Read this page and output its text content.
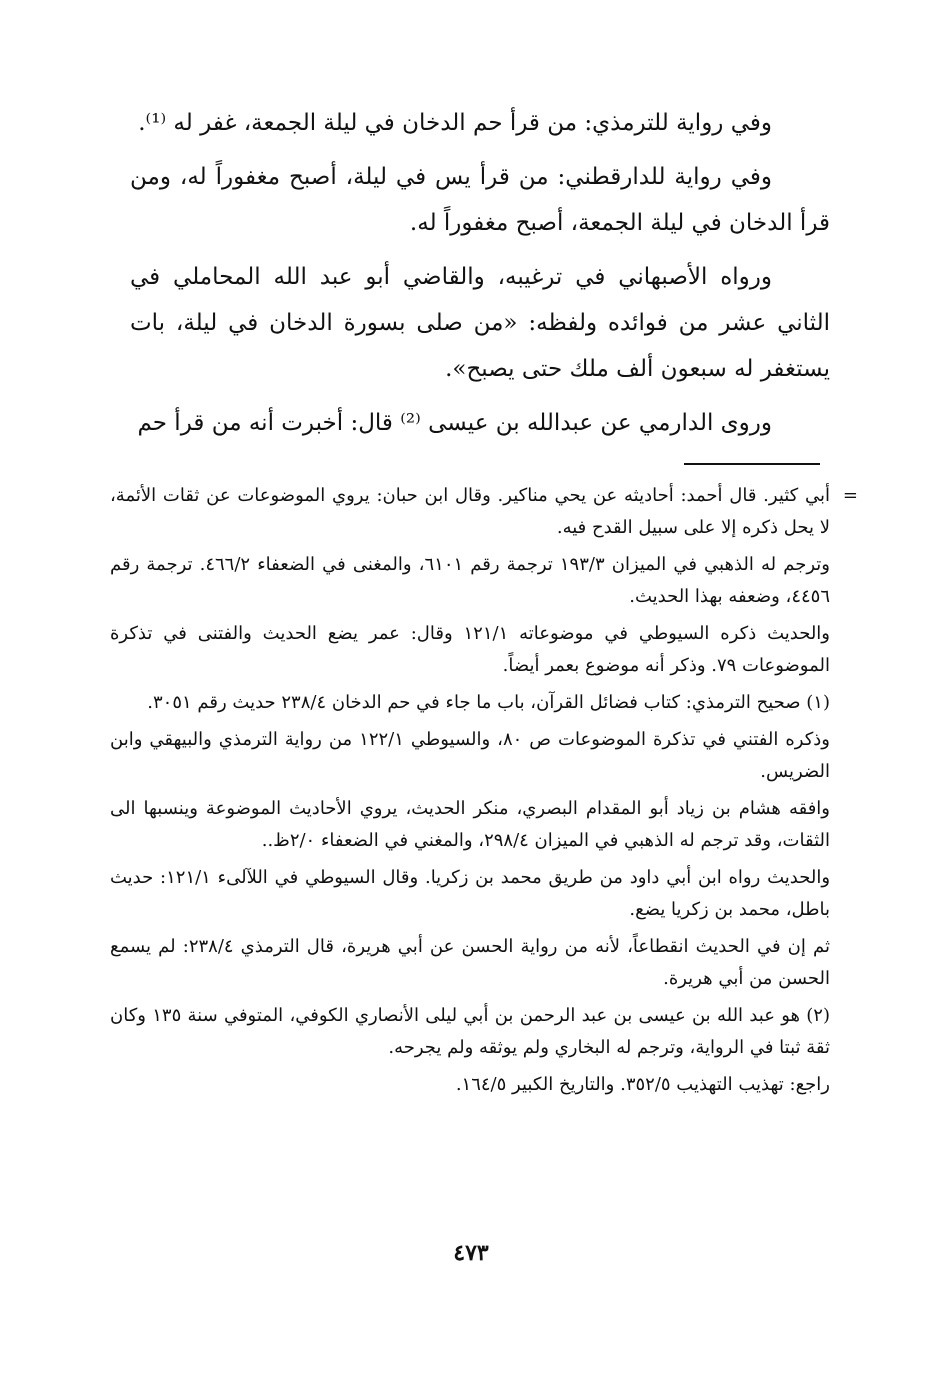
وفي رواية للترمذي: من قرأ حم الدخان في ليلة الجمعة، غفر له ⁽¹⁾.

وفي رواية للدارقطني: من قرأ يس في ليلة، أصبح مغفوراً له، ومن قرأ الدخان في ليلة الجمعة، أصبح مغفوراً له.

ورواه الأصبهاني في ترغيبه، والقاضي أبو عبد الله المحاملي في الثاني عشر من فوائده ولفظه: «من صلى بسورة الدخان في ليلة، بات يستغفر له سبعون ألف ملك حتى يصبح».

وروى الدارمي عن عبدالله بن عيسى ⁽²⁾ قال: أخبرت أنه من قرأ حم

=
أبي كثير. قال أحمد: أحاديثه عن يحي مناكير. وقال ابن حبان: يروي الموضوعات عن ثقات الأئمة، لا يحل ذكره إلا على سبيل القدح فيه.

وترجم له الذهبي في الميزان ١٩٣/٣ ترجمة رقم ٦١٠١، والمغنى في الضعفاء ٤٦٦/٢. ترجمة رقم ٤٤٥٦، وضعفه بهذا الحديث.

والحديث ذكره السيوطي في موضوعاته ١٢١/١ وقال: عمر يضع الحديث والفتنى في تذكرة الموضوعات ٧٩. وذكر أنه موضوع بعمر أيضاً.

(١) صحيح الترمذي: كتاب فضائل القرآن، باب ما جاء في حم الدخان ٢٣٨/٤ حديث رقم ٣٠٥١.

وذكره الفتني في تذكرة الموضوعات ص ٨٠، والسيوطي ١٢٢/١ من رواية الترمذي والبيهقي وابن الضريس.

وافقه هشام بن زياد أبو المقدام البصري، منكر الحديث، يروي الأحاديث الموضوعة وينسبها الى الثقات، وقد ترجم له الذهبي في الميزان ٢٩٨/٤، والمغني في الضعفاء ٢/٠ظ..

والحديث رواه ابن أبي داود من طريق محمد بن زكريا. وقال السيوطي في اللآلىء ١٢١/١: حديث باطل، محمد بن زكريا يضع.

ثم إن في الحديث انقطاعاً، لأنه من رواية الحسن عن أبي هريرة، قال الترمذي ٢٣٨/٤: لم يسمع الحسن من أبي هريرة.

(٢) هو عبد الله بن عيسى بن عبد الرحمن بن أبي ليلى الأنصاري الكوفي، المتوفي سنة ١٣٥ وكان ثقة ثبتا في الرواية، وترجم له البخاري ولم يوثقه ولم يجرحه.

راجع: تهذيب التهذيب ٣٥٢/٥. والتاريخ الكبير ١٦٤/٥.

٤٧٣
